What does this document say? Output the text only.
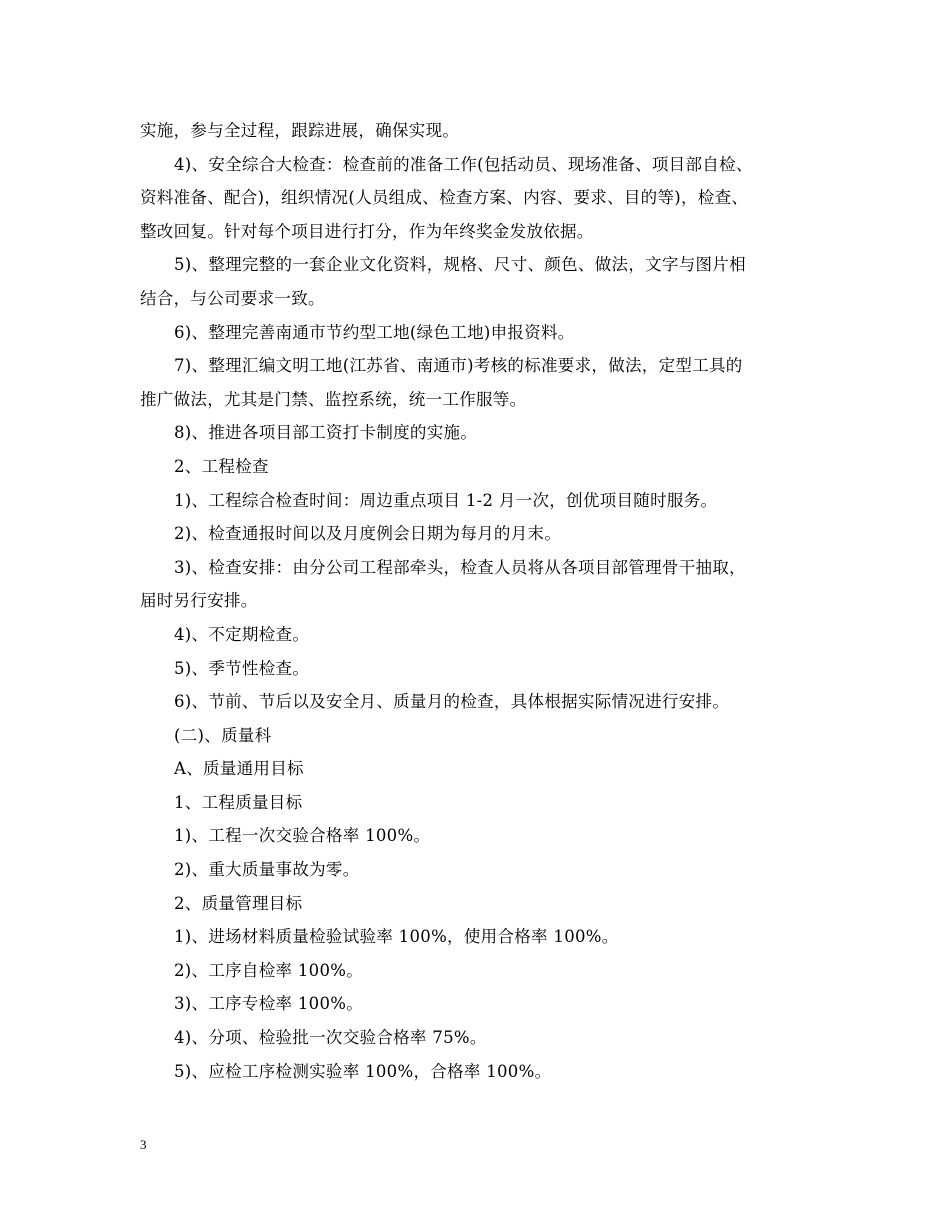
实施，参与全过程，跟踪进展，确保实现。
4)、安全综合大检查：检查前的准备工作(包括动员、现场准备、项目部自检、
资料准备、配合)，组织情况(人员组成、检查方案、内容、要求、目的等)，检查、
整改回复。针对每个项目进行打分，作为年终奖金发放依据。
5)、整理完整的一套企业文化资料，规格、尺寸、颜色、做法，文字与图片相
结合，与公司要求一致。
6)、整理完善南通市节约型工地(绿色工地)申报资料。
7)、整理汇编文明工地(江苏省、南通市)考核的标准要求，做法，定型工具的
推广做法，尤其是门禁、监控系统，统一工作服等。
8)、推进各项目部工资打卡制度的实施。
2、工程检查
1)、工程综合检查时间：周边重点项目 1-2 月一次，创优项目随时服务。
2)、检查通报时间以及月度例会日期为每月的月末。
3)、检查安排：由分公司工程部牵头，检查人员将从各项目部管理骨干抽取，
届时另行安排。
4)、不定期检查。
5)、季节性检查。
6)、节前、节后以及安全月、质量月的检查，具体根据实际情况进行安排。
(二)、质量科
A、质量通用目标
1、工程质量目标
1)、工程一次交验合格率 100%。
2)、重大质量事故为零。
2、质量管理目标
1)、进场材料质量检验试验率 100%，使用合格率 100%。
2)、工序自检率 100%。
3)、工序专检率 100%。
4)、分项、检验批一次交验合格率 75%。
5)、应检工序检测实验率 100%，合格率 100%。
3
